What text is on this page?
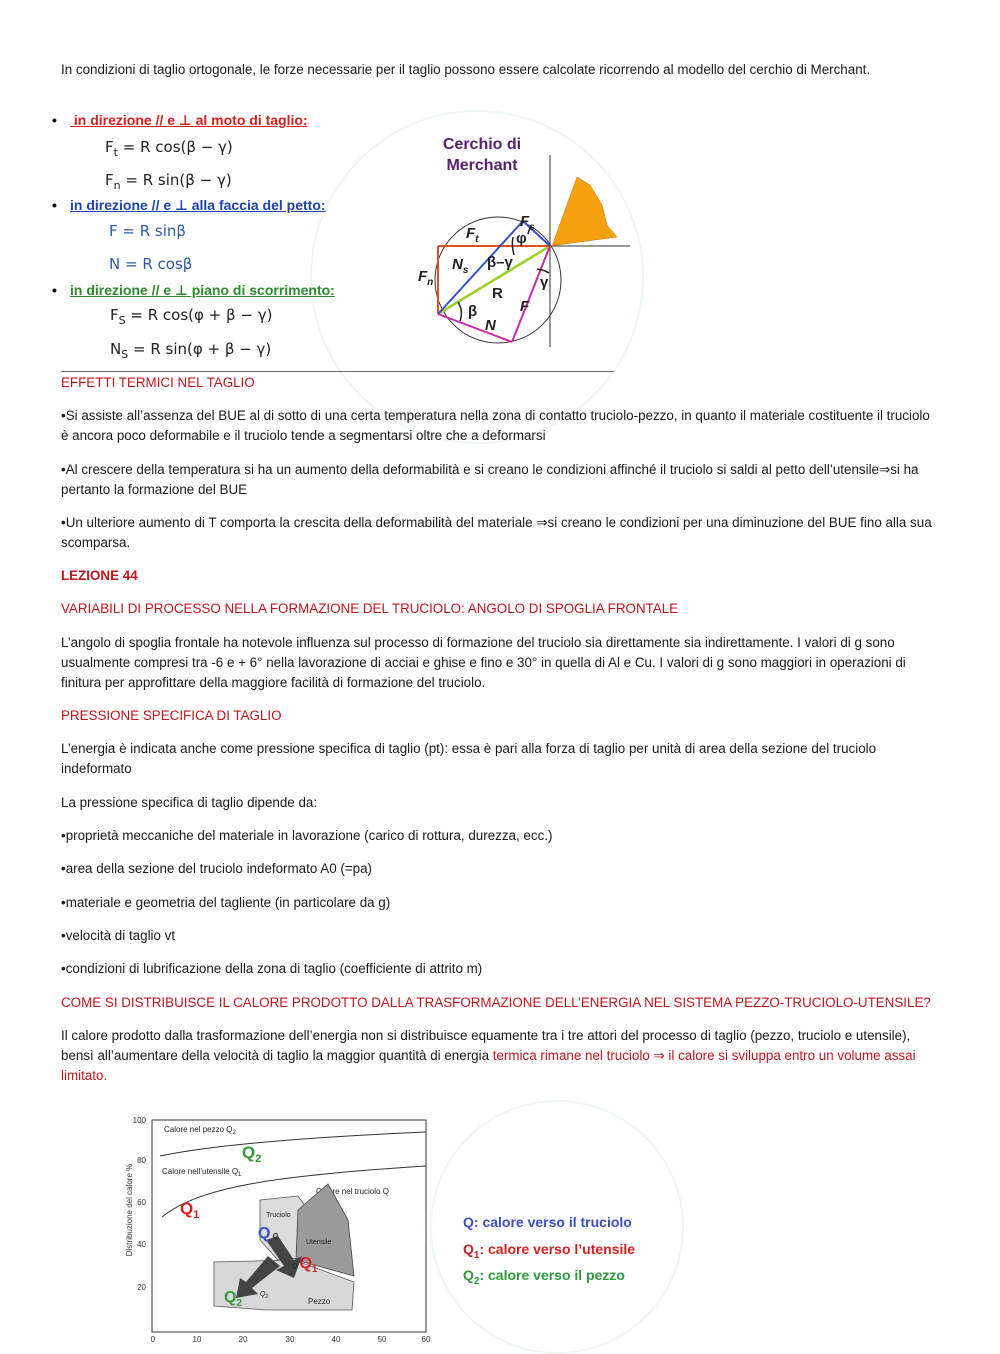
In condizioni di taglio ortogonale, le forze necessarie per il taglio possono essere calcolate ricorrendo al modello del cerchio di Merchant.

• in direzione // e ⊥ al moto di taglio:
$F_t = R$ cos(β − γ)
$F_n = R$ sin(β − γ)
• in direzione // e ⊥ alla faccia del petto:
F = R sinβ
N = R cosβ
• in direzione // e ⊥ piano di scorrimento:
$F_S = R$ cos(φ + β − γ)
$N_S = R$ sin(φ + β − γ)
Cerchio di
Merchant
$F_s$
φ
$F_t$
$N_s$ β–γ
$F_n$	γ
R
β	F
N

EFFETTI TERMICI NEL TAGLIO

•Si assiste all’assenza del BUE al di sotto di una certa temperatura nella zona di contatto truciolo-pezzo, in quanto il materiale costituente il truciolo è ancora poco deformabile e il truciolo tende a segmentarsi oltre che a deformarsi

•Al crescere della temperatura si ha un aumento della deformabilità e si creano le condizioni affinché il truciolo si saldi al petto dell’utensile⇒si ha pertanto la formazione del BUE

•Un ulteriore aumento di T comporta la crescita della deformabilità del materiale ⇒si creano le condizioni per una diminuzione del BUE fino alla sua scomparsa.

LEZIONE 44

VARIABILI DI PROCESSO NELLA FORMAZIONE DEL TRUCIOLO: ANGOLO DI SPOGLIA FRONTALE

L’angolo di spoglia frontale ha notevole influenza sul processo di formazione del truciolo sia direttamente sia indirettamente. I valori di g sono usualmente compresi tra -6 e + 6° nella lavorazione di acciai e ghise e fino e 30° in quella di Al e Cu. I valori di g sono maggiori in operazioni di finitura per approfittare della maggiore facilità di formazione del truciolo.

PRESSIONE SPECIFICA DI TAGLIO

L’energia è indicata anche come pressione specifica di taglio (pt): essa è pari alla forza di taglio per unità di area della sezione del truciolo indeformato

La pressione specifica di taglio dipende da:

•proprietà meccaniche del materiale in lavorazione (carico di rottura, durezza, ecc.)

•area della sezione del truciolo indeformato A0 (=pa)

•materiale e geometria del tagliente (in particolare da g)

•velocità di taglio vt

•condizioni di lubrificazione della zona di taglio (coefficiente di attrito m)

COME SI DISTRIBUISCE IL CALORE PRODOTTO DALLA TRASFORMAZIONE DELL’ENERGIA NEL SISTEMA PEZZO-TRUCIOLO-UTENSILE?

Il calore prodotto dalla trasformazione dell’energia non si distribuisce equamente tra i tre attori del processo di taglio (pezzo, truciolo e utensile), bensì all’aumentare della velocità di taglio la maggior quantità di energia termica rimane nel truciolo ⇒ il calore si sviluppa entro un volume assai limitato.

100
80
60
40
20
Distribuzione del calore %
0	10	20	30	40	50	60
Calore nel pezzo $Q_2$
Calore nell’utensile $Q_1$
Calore nel truciolo Q
$Q_2$
$Q_1$	Truciolo
Utensile
Pezzo
Q Q
Q Q1
$Q_2$
$Q_2$
Q: calore verso il truciolo
$Q_1$: calore verso l’utensile
$Q_2$: calore verso il pezzo
